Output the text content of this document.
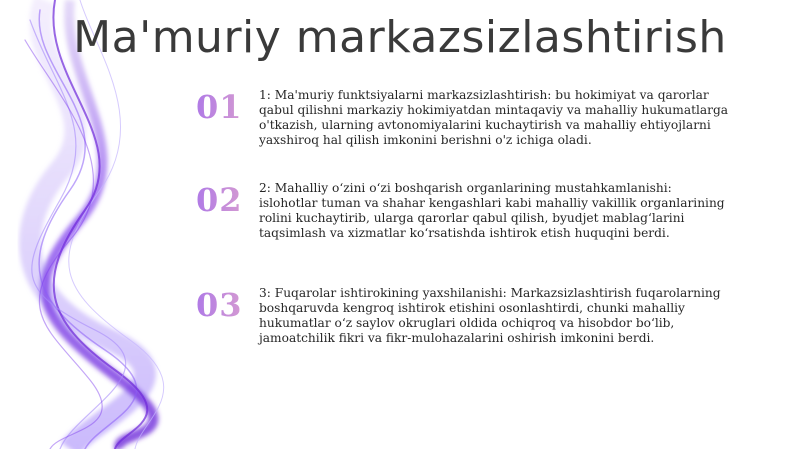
Ma'muriy markazsizlashtirish
01 1: Ma'muriy funktsiyalarni markazsizlashtirish: bu hokimiyat va qarorlar qabul qilishni markaziy hokimiyatdan mintaqaviy va mahalliy hukumatlarga o'tkazish, ularning avtonomiyalarini kuchaytirish va mahalliy ehtiyojlarni yaxshiroq hal qilish imkonini berishni o'z ichiga oladi.
02 2: Mahalliy o‘zini o‘zi boshqarish organlarining mustahkamlanishi: islohotlar tuman va shahar kengashlari kabi mahalliy vakillik organlarining rolini kuchaytirib, ularga qarorlar qabul qilish, byudjet mablag‘larini taqsimlash va xizmatlar ko‘rsatishda ishtirok etish huquqini berdi.
03 3: Fuqarolar ishtirokining yaxshilanishi: Markazsizlashtirish fuqarolarning boshqaruvda kengroq ishtirok etishini osonlashtirdi, chunki mahalliy hukumatlar o‘z saylov okruglari oldida ochiqroq va hisobdor bo‘lib, jamoatchilik fikri va fikr-mulohazalarini oshirish imkonini berdi.
